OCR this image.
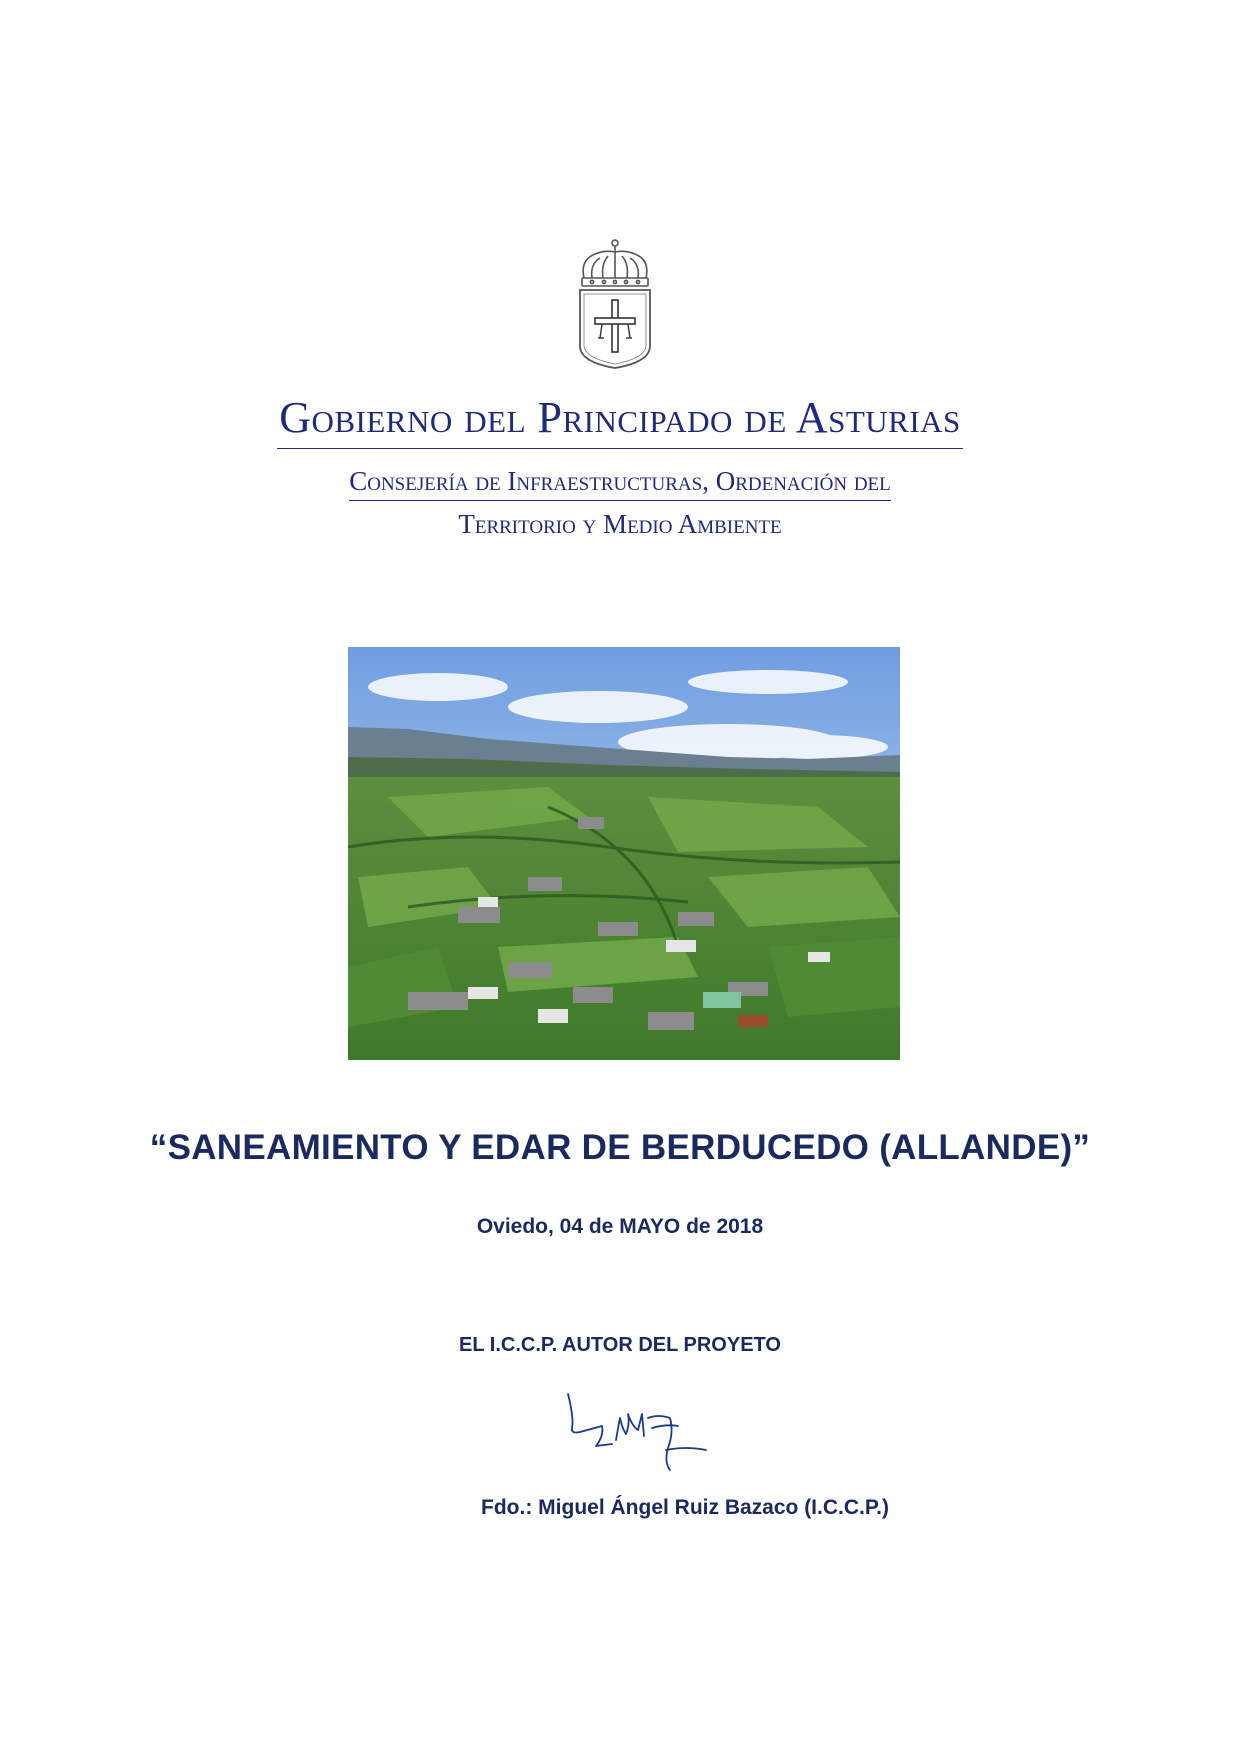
Gobierno del Principado de Asturias
Consejería de Infraestructuras, Ordenación del
Territorio y Medio Ambiente
“SANEAMIENTO Y EDAR DE BERDUCEDO (ALLANDE)”
Oviedo, 04 de MAYO de 2018
EL I.C.C.P. AUTOR DEL PROYETO
Fdo.: Miguel Ángel Ruiz Bazaco (I.C.C.P.)
